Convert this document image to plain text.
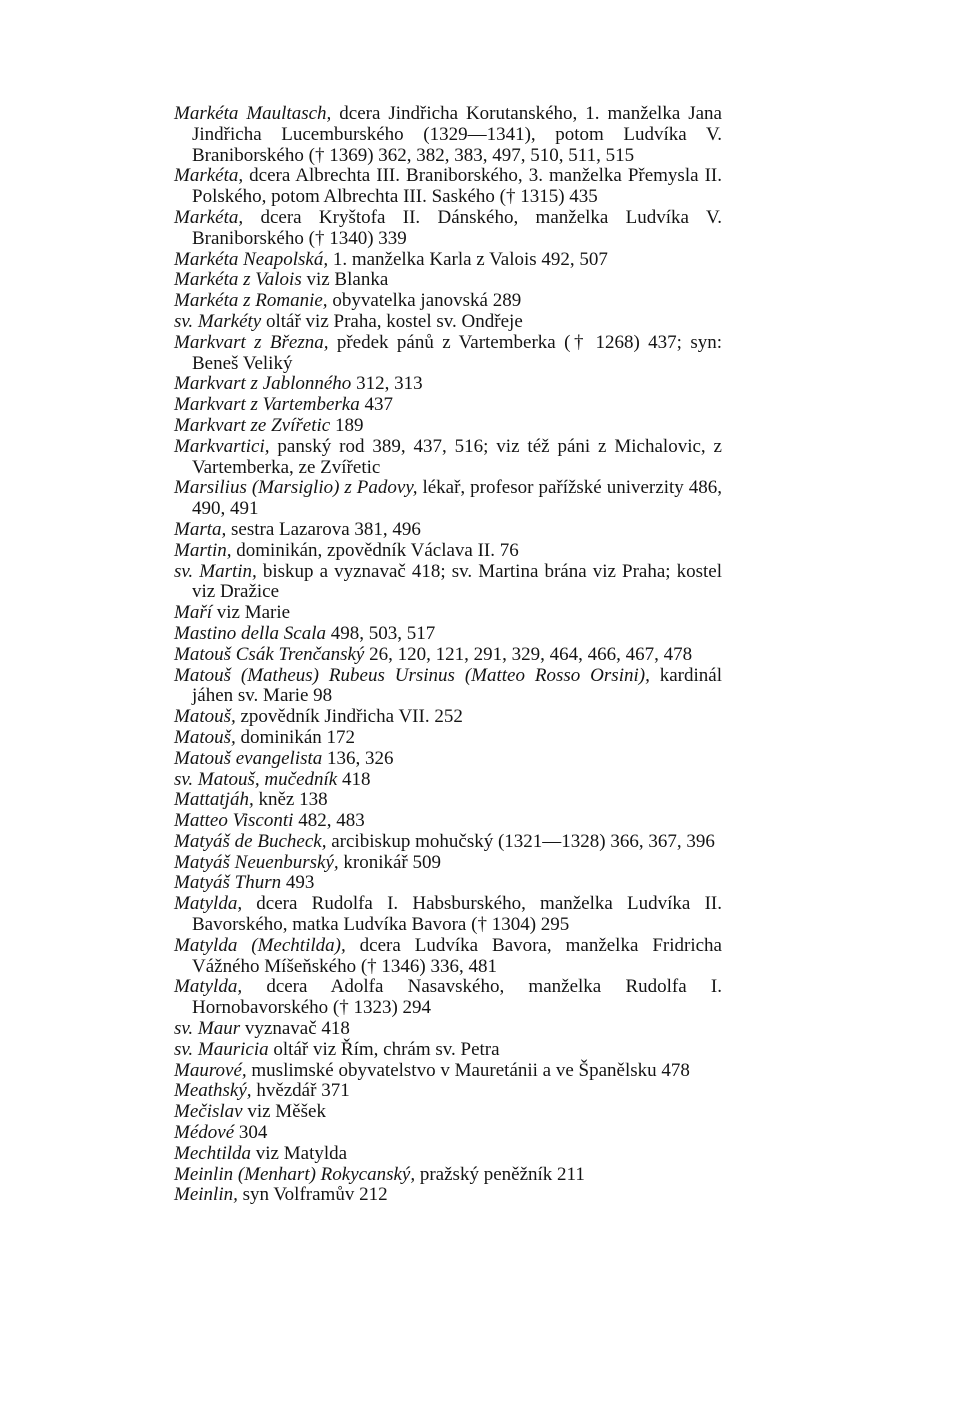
Markéta Maultasch, dcera Jindřicha Korutanského, 1. manželka Jana Jindřicha Lucemburského (1329—1341), potom Ludvíka V. Braniborského († 1369) 362, 382, 383, 497, 510, 511, 515

Markéta, dcera Albrechta III. Braniborského, 3. manželka Přemysla II. Polského, potom Albrechta III. Saského († 1315) 435

Markéta, dcera Kryštofa II. Dánského, manželka Ludvíka V. Braniborského († 1340) 339

Markéta Neapolská, 1. manželka Karla z Valois 492, 507

Markéta z Valois viz Blanka

Markéta z Romanie, obyvatelka janovská 289

sv. Markéty oltář viz Praha, kostel sv. Ondřeje

Markvart z Března, předek pánů z Vartemberka († 1268) 437; syn: Beneš Veliký

Markvart z Jablonného 312, 313

Markvart z Vartemberka 437

Markvart ze Zvířetic 189

Markvartici, panský rod 389, 437, 516; viz též páni z Michalovic, z Vartemberka, ze Zvířetic

Marsilius (Marsiglio) z Padovy, lékař, profesor pařížské univerzity 486, 490, 491

Marta, sestra Lazarova 381, 496

Martin, dominikán, zpovědník Václava II. 76

sv. Martin, biskup a vyznavač 418; sv. Martina brána viz Praha; kostel viz Dražice

Maří viz Marie

Mastino della Scala 498, 503, 517

Matouš Csák Trenčanský 26, 120, 121, 291, 329, 464, 466, 467, 478

Matouš (Matheus) Rubeus Ursinus (Matteo Rosso Orsini), kardinál jáhen sv. Marie 98

Matouš, zpovědník Jindřicha VII. 252

Matouš, dominikán 172

Matouš evangelista 136, 326

sv. Matouš, mučedník 418

Mattatjáh, kněz 138

Matteo Visconti 482, 483

Matyáš de Bucheck, arcibiskup mohučský (1321—1328) 366, 367, 396

Matyáš Neuenburský, kronikář 509

Matyáš Thurn 493

Matylda, dcera Rudolfa I. Habsburského, manželka Ludvíka II. Bavorského, matka Ludvíka Bavora († 1304) 295

Matylda (Mechtilda), dcera Ludvíka Bavora, manželka Fridricha Vážného Míšeňského († 1346) 336, 481

Matylda, dcera Adolfa Nasavského, manželka Rudolfa I. Hornobavorského († 1323) 294

sv. Maur vyznavač 418

sv. Mauricia oltář viz Řím, chrám sv. Petra

Maurové, muslimské obyvatelstvo v Mauretánii a ve Španělsku 478

Meathský, hvězdář 371

Mečislav viz Měšek

Médové 304

Mechtilda viz Matylda

Meinlin (Menhart) Rokycanský, pražský peněžník 211

Meinlin, syn Volframův 212
